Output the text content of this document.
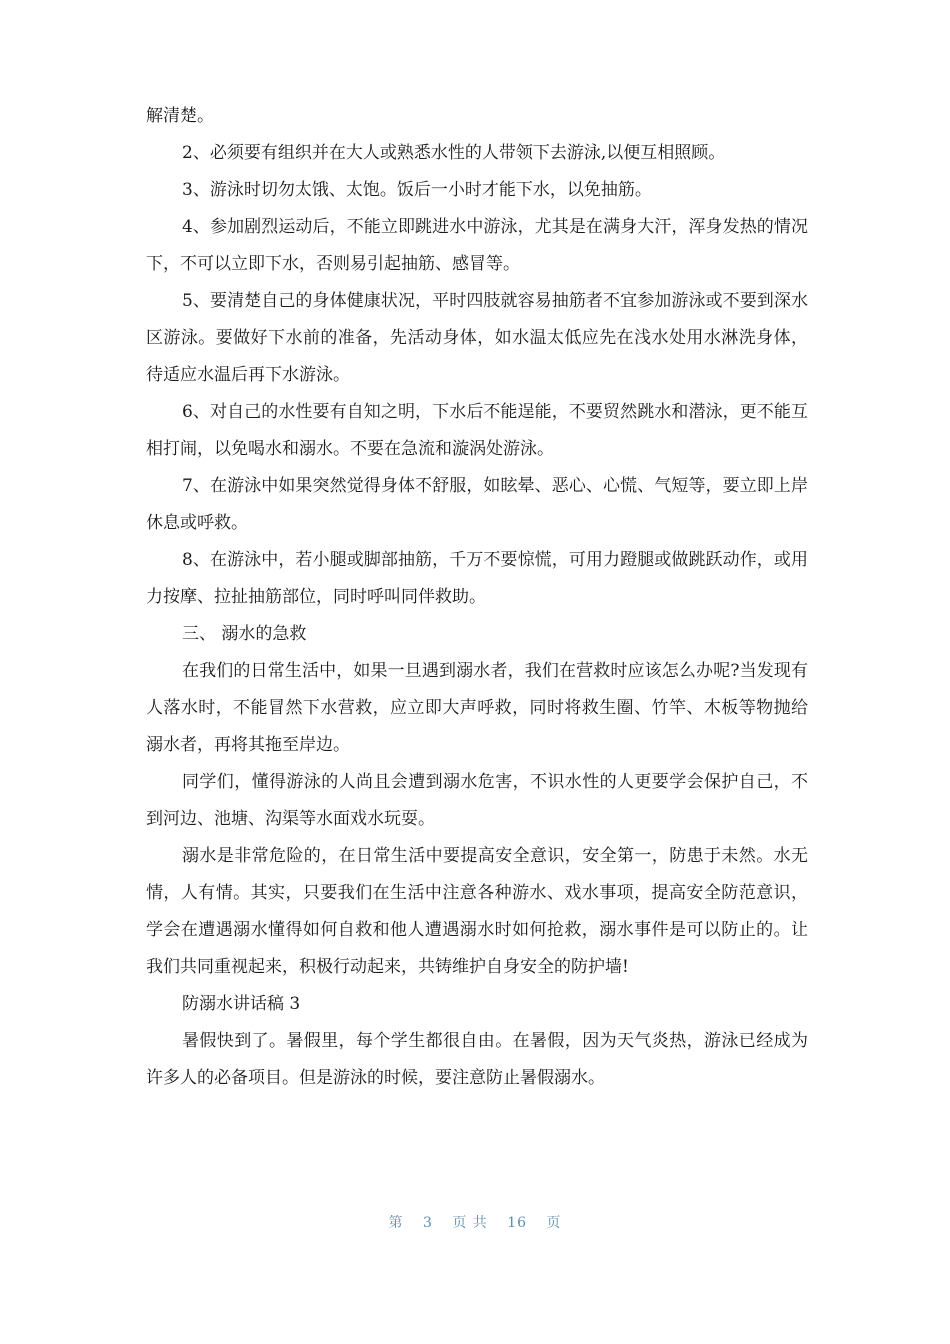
解清楚。

2、必须要有组织并在大人或熟悉水性的人带领下去游泳,以便互相照顾。

3、游泳时切勿太饿、太饱。饭后一小时才能下水，以免抽筋。

4、参加剧烈运动后，不能立即跳进水中游泳，尤其是在满身大汗，浑身发热的情况下，不可以立即下水，否则易引起抽筋、感冒等。

5、要清楚自己的身体健康状况，平时四肢就容易抽筋者不宜参加游泳或不要到深水区游泳。要做好下水前的准备，先活动身体，如水温太低应先在浅水处用水淋洗身体，待适应水温后再下水游泳。

6、对自己的水性要有自知之明，下水后不能逞能，不要贸然跳水和潜泳，更不能互相打闹，以免喝水和溺水。不要在急流和漩涡处游泳。

7、在游泳中如果突然觉得身体不舒服，如眩晕、恶心、心慌、气短等，要立即上岸休息或呼救。

8、在游泳中，若小腿或脚部抽筋，千万不要惊慌，可用力蹬腿或做跳跃动作，或用力按摩、拉扯抽筋部位，同时呼叫同伴救助。

三、 溺水的急救

在我们的日常生活中，如果一旦遇到溺水者，我们在营救时应该怎么办呢?当发现有人落水时，不能冒然下水营救，应立即大声呼救，同时将救生圈、竹竿、木板等物抛给溺水者，再将其拖至岸边。

同学们，懂得游泳的人尚且会遭到溺水危害，不识水性的人更要学会保护自己，不到河边、池塘、沟渠等水面戏水玩耍。

溺水是非常危险的，在日常生活中要提高安全意识，安全第一，防患于未然。水无情，人有情。其实，只要我们在生活中注意各种游水、戏水事项，提高安全防范意识，学会在遭遇溺水懂得如何自救和他人遭遇溺水时如何抢救，溺水事件是可以防止的。让我们共同重视起来，积极行动起来，共铸维护自身安全的防护墙!

防溺水讲话稿 3

暑假快到了。暑假里，每个学生都很自由。在暑假，因为天气炎热，游泳已经成为许多人的必备项目。但是游泳的时候，要注意防止暑假溺水。

第 3 页 共 16 页
